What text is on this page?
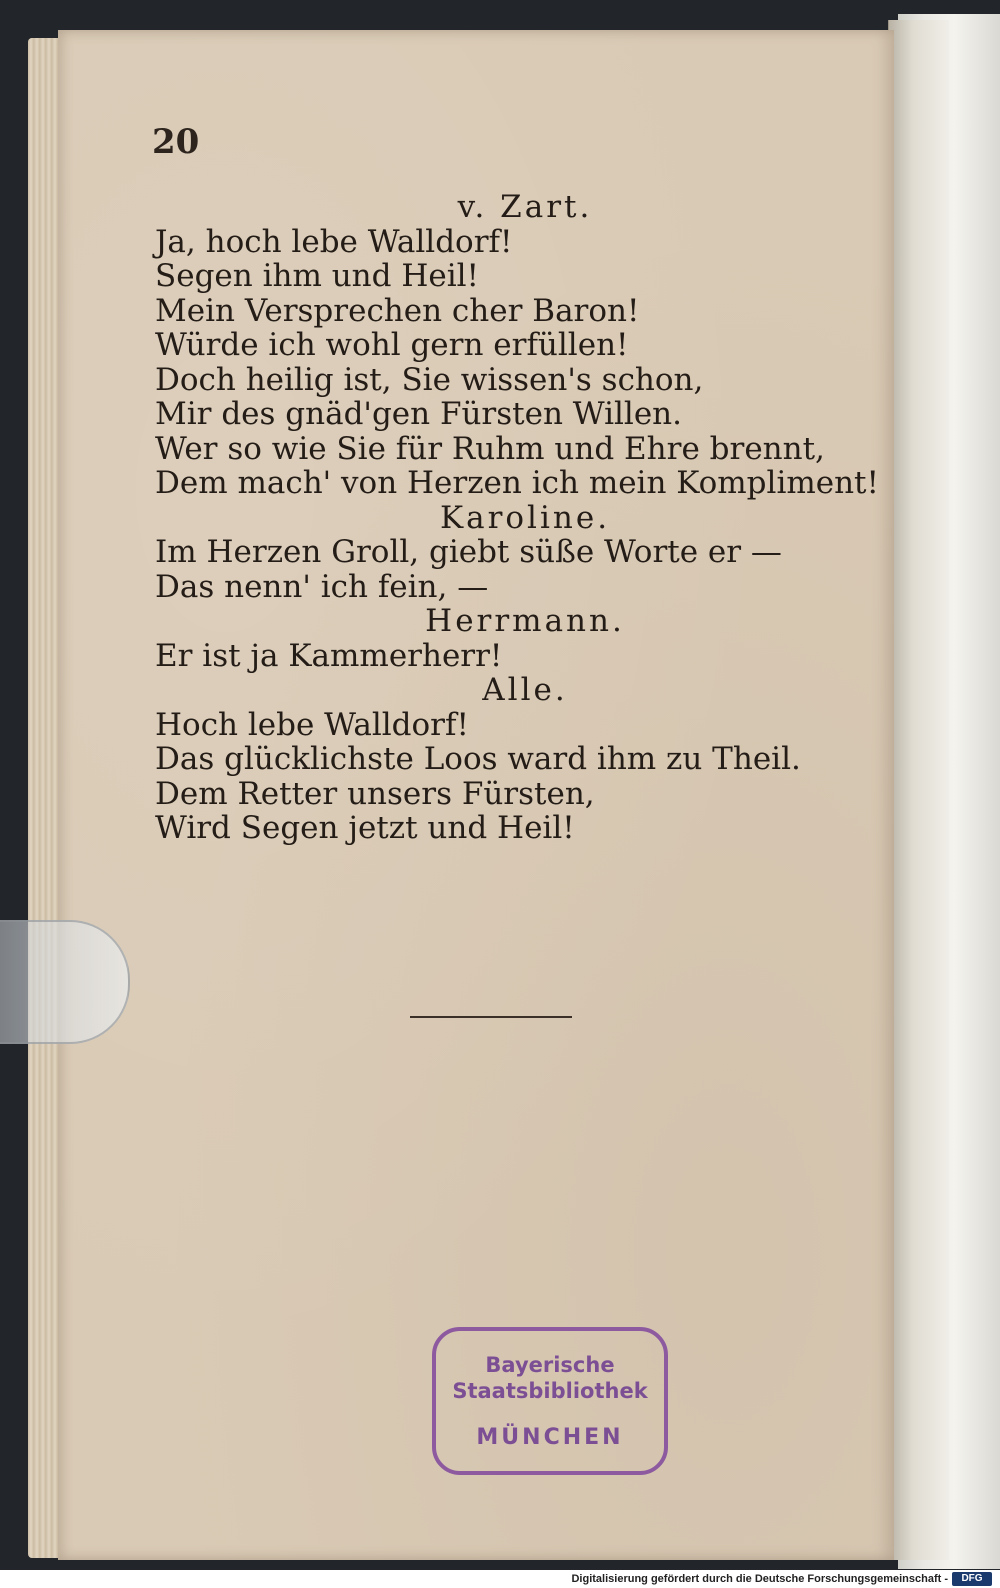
20
v. Zart.
Ja, hoch lebe Walldorf!
Segen ihm und Heil!
Mein Versprechen cher Baron!
Würde ich wohl gern erfüllen!
Doch heilig ist, Sie wissen's schon,
Mir des gnäd'gen Fürsten Willen.
Wer so wie Sie für Ruhm und Ehre brennt,
Dem mach' von Herzen ich mein Kompliment!
Karoline.
Im Herzen Groll, giebt süße Worte er —
Das nenn' ich fein, —
Herrmann.
Er ist ja Kammerherr!
Alle.
Hoch lebe Walldorf!
Das glücklichste Loos ward ihm zu Theil.
Dem Retter unsers Fürsten,
Wird Segen jetzt und Heil!
Bayerische
Staatsbibliothek
MÜNCHEN
Digitalisierung gefördert durch die Deutsche Forschungsgemeinschaft -	DFG
